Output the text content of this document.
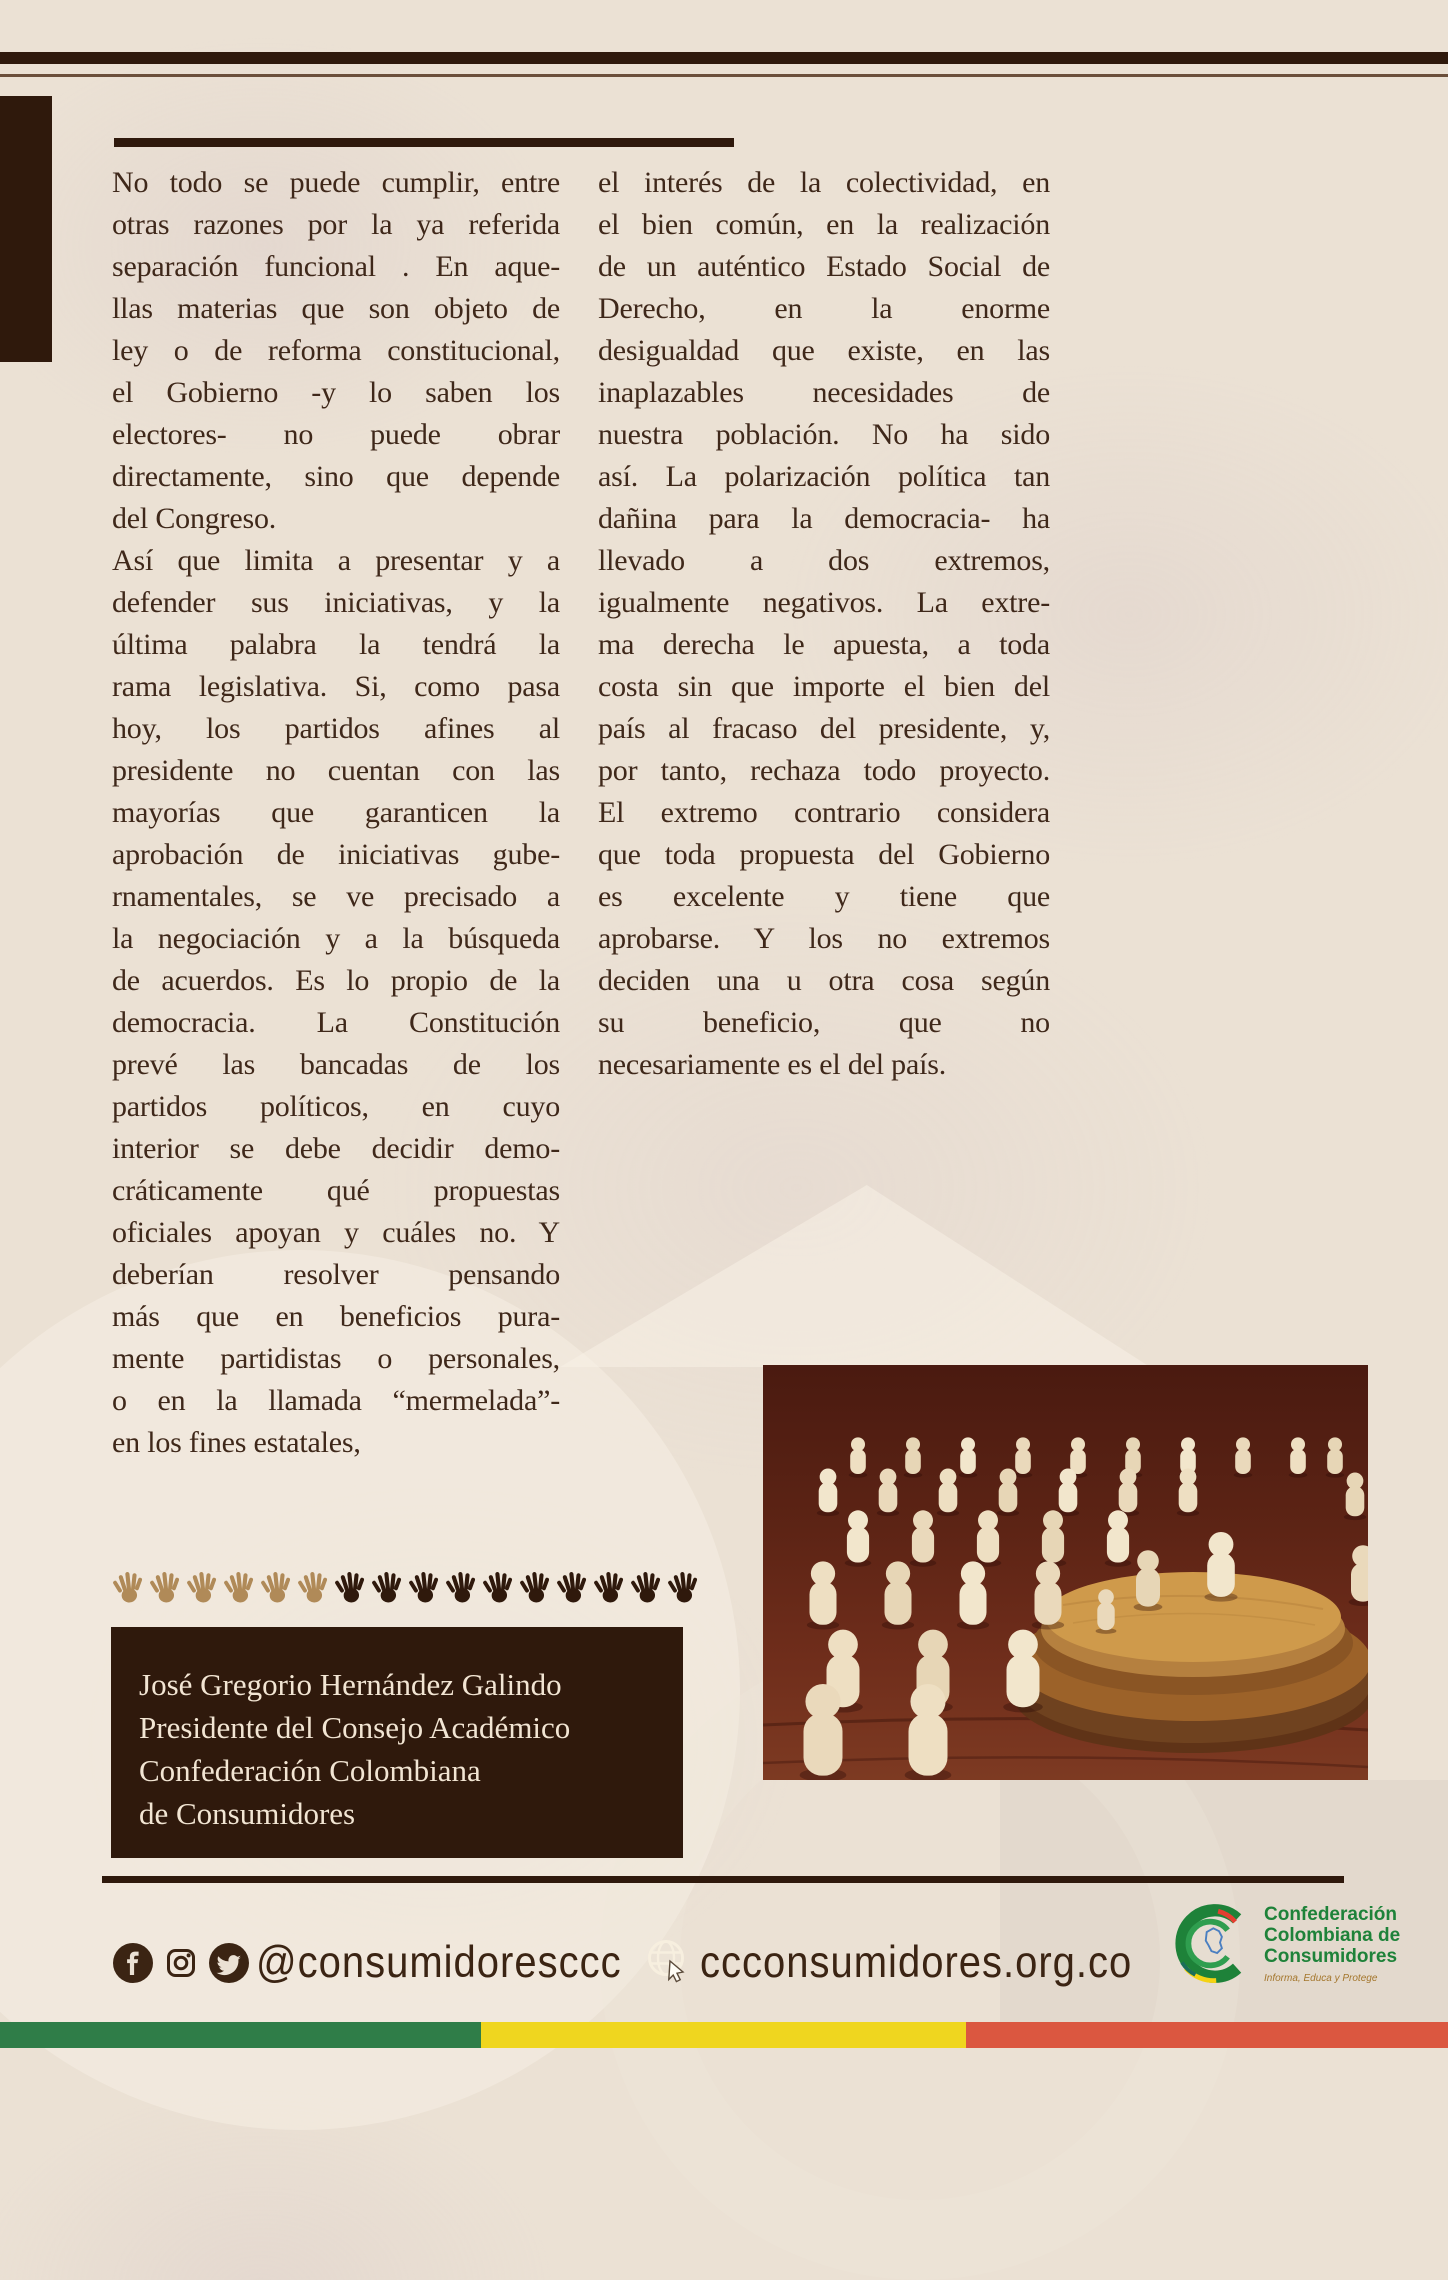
No todo se puede cumplir, entre
otras razones por la ya referida
separación funcional . En aque-
llas materias que son objeto de
ley o de reforma constitucional,
el Gobierno -y lo saben los
electores- no puede obrar
directamente, sino que depende
del Congreso.
Así que limita a presentar y a
defender sus iniciativas, y la
última palabra la tendrá la
rama legislativa. Si, como pasa
hoy, los partidos afines al
presidente no cuentan con las
mayorías que garanticen la
aprobación de iniciativas gube-
rnamentales, se ve precisado a
la negociación y a la búsqueda
de acuerdos. Es lo propio de la
democracia. La Constitución
prevé las bancadas de los
partidos políticos, en cuyo
interior se debe decidir demo-
cráticamente qué propuestas
oficiales apoyan y cuáles no. Y
deberían resolver pensando
más que en beneficios pura-
mente partidistas o personales,
o en la llamada “mermelada”-
en los fines estatales,
el interés de la colectividad, en
el bien común, en la realización
de un auténtico Estado Social de
Derecho, en la enorme
desigualdad que existe, en las
inaplazables necesidades de
nuestra población. No ha sido
así. La polarización política tan
dañina para la democracia- ha
llevado a dos extremos,
igualmente negativos. La extre-
ma derecha le apuesta, a toda
costa sin que importe el bien del
país al fracaso del presidente, y,
por tanto, rechaza todo proyecto.
El extremo contrario considera
que toda propuesta del Gobierno
es excelente y tiene que
aprobarse. Y los no extremos
deciden una u otra cosa según
su beneficio, que no
necesariamente es el del país.
José Gregorio Hernández Galindo
Presidente del Consejo Académico
Confederación Colombiana
de Consumidores
@consumidoresccc ccconsumidores.org.co
Confederación
Colombiana de
Consumidores
Informa, Educa y Protege
